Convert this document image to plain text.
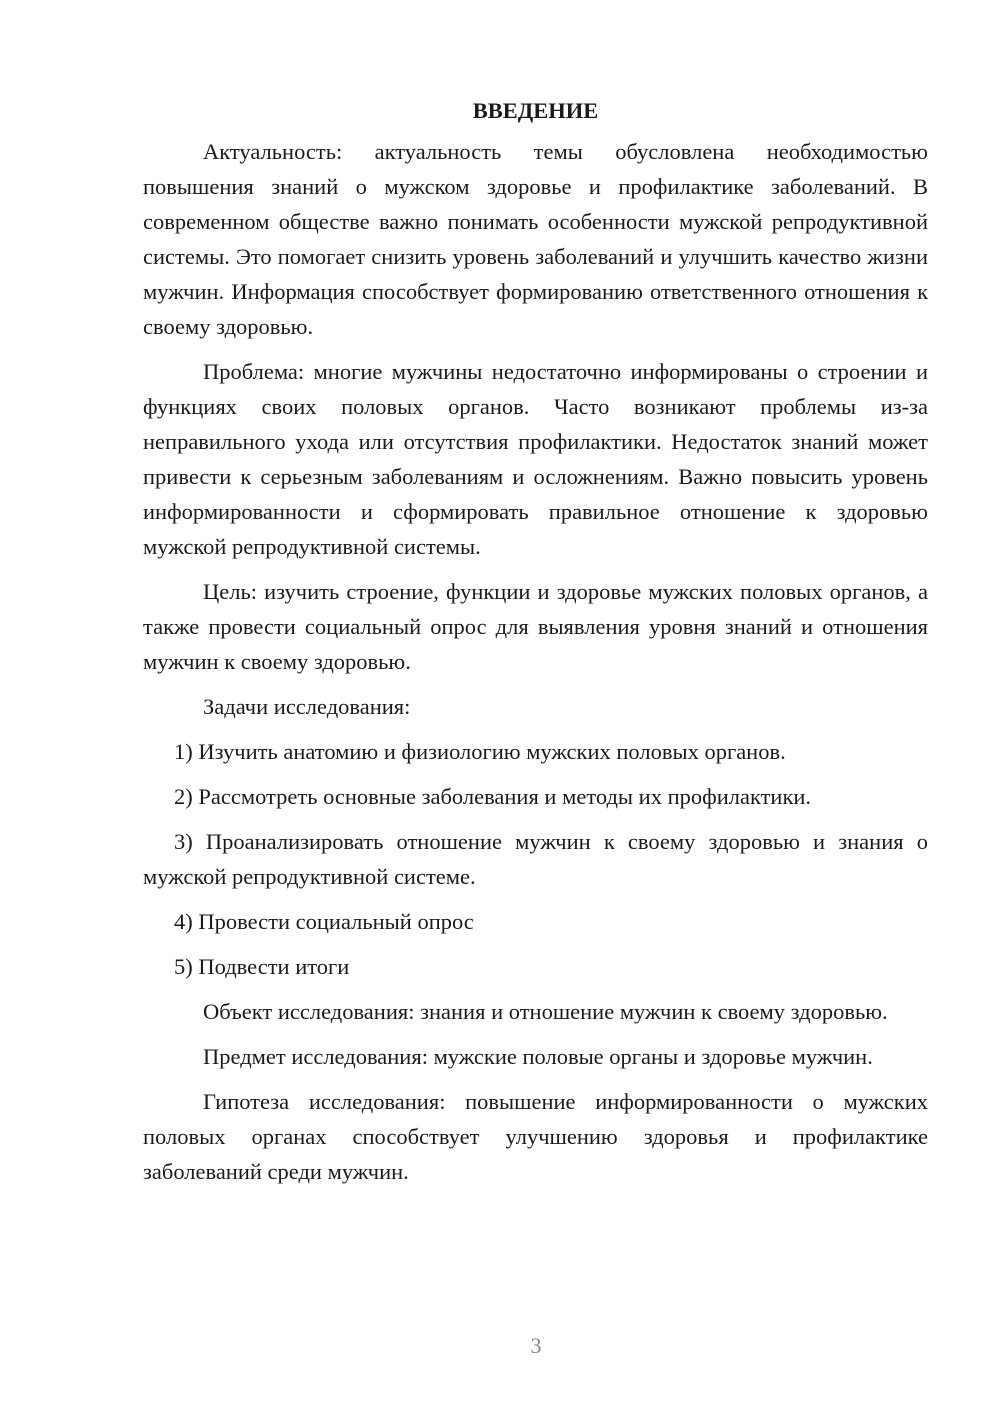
ВВЕДЕНИЕ

Актуальность: актуальность темы обусловлена необходимостью повышения знаний о мужском здоровье и профилактике заболеваний. В современном обществе важно понимать особенности мужской репродуктивной системы. Это помогает снизить уровень заболеваний и улучшить качество жизни мужчин. Информация способствует формированию ответственного отношения к своему здоровью.

Проблема: многие мужчины недостаточно информированы о строении и функциях своих половых органов. Часто возникают проблемы из-за неправильного ухода или отсутствия профилактики. Недостаток знаний может привести к серьезным заболеваниям и осложнениям. Важно повысить уровень информированности и сформировать правильное отношение к здоровью мужской репродуктивной системы.

Цель: изучить строение, функции и здоровье мужских половых органов, а также провести социальный опрос для выявления уровня знаний и отношения мужчин к своему здоровью.

Задачи исследования:

1) Изучить анатомию и физиологию мужских половых органов.

2) Рассмотреть основные заболевания и методы их профилактики.

3) Проанализировать отношение мужчин к своему здоровью и знания о мужской репродуктивной системе.

4) Провести социальный опрос

5) Подвести итоги

Объект исследования: знания и отношение мужчин к своему здоровью.

Предмет исследования: мужские половые органы и здоровье мужчин.

Гипотеза исследования: повышение информированности о мужских половых органах способствует улучшению здоровья и профилактике заболеваний среди мужчин.

3
